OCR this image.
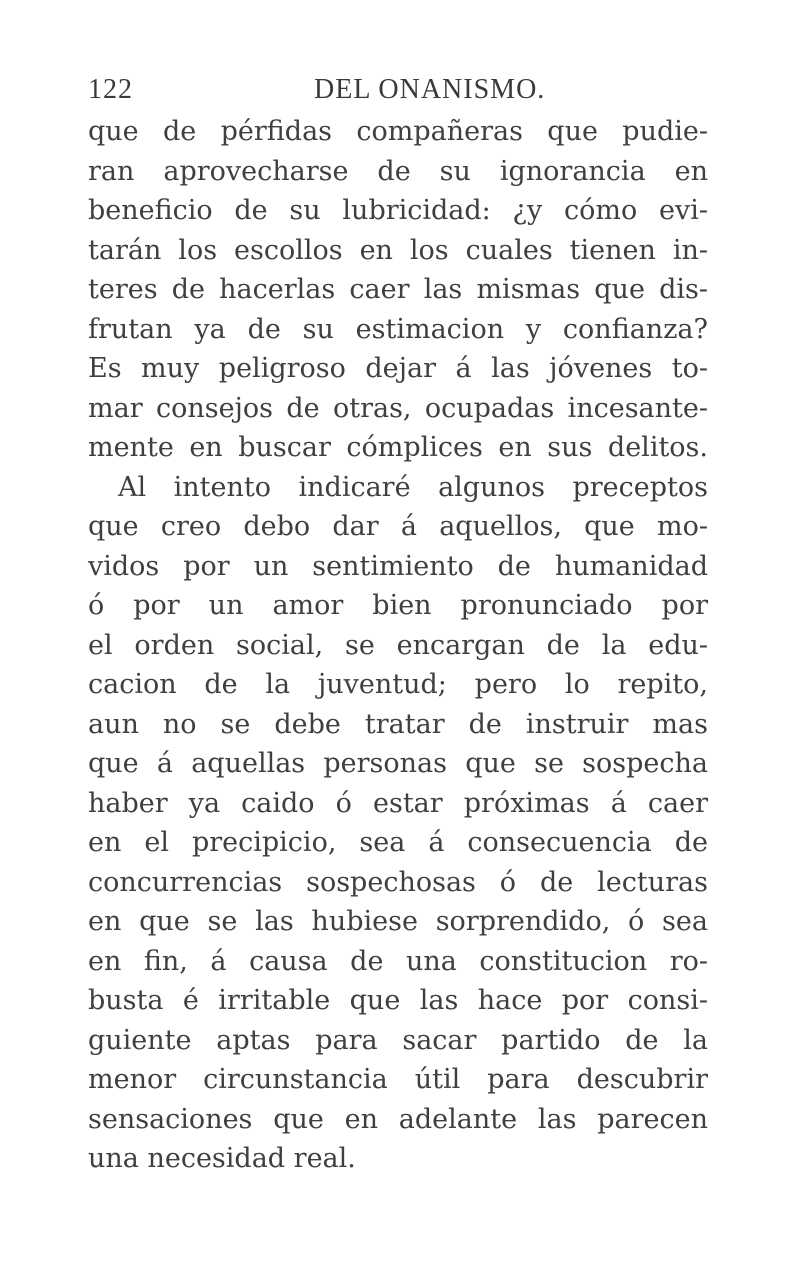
122	DEL ONANISMO.
que de pérfidas compañeras que pudie-
ran aprovecharse de su ignorancia en
beneficio de su lubricidad: ¿y cómo evi-
tarán los escollos en los cuales tienen in-
teres de hacerlas caer las mismas que dis-
frutan ya de su estimacion y confianza?
Es muy peligroso dejar á las jóvenes to-
mar consejos de otras, ocupadas incesante-
mente en buscar cómplices en sus delitos.
Al intento indicaré algunos preceptos
que creo debo dar á aquellos, que mo-
vidos por un sentimiento de humanidad
ó por un amor bien pronunciado por
el orden social, se encargan de la edu-
cacion de la juventud; pero lo repito,
aun no se debe tratar de instruir mas
que á aquellas personas que se sospecha
haber ya caido ó estar próximas á caer
en el precipicio, sea á consecuencia de
concurrencias sospechosas ó de lecturas
en que se las hubiese sorprendido, ó sea
en fin, á causa de una constitucion ro-
busta é irritable que las hace por consi-
guiente aptas para sacar partido de la
menor circunstancia útil para descubrir
sensaciones que en adelante las parecen
una necesidad real.
